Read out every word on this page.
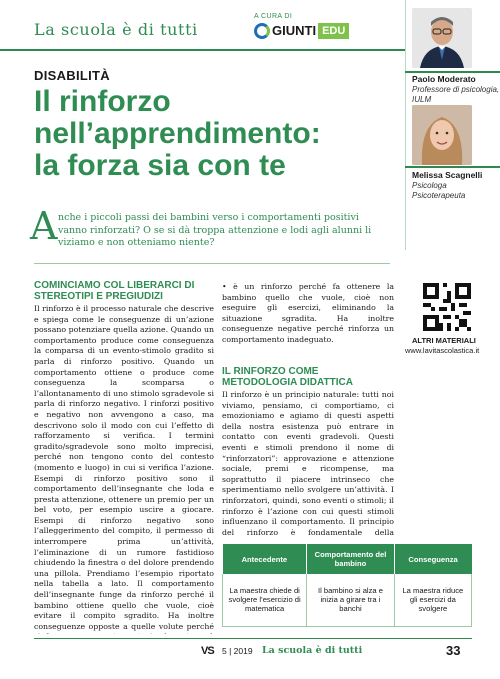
La scuola è di tutti
A CURA DI
GIUNTI EDU
Paolo Moderato
Professore di psicologia, IULM
Melissa Scagnelli
Psicologa Psicoterapeuta
DISABILITÀ
Il rinforzo
nell’apprendimento:
la forza sia con te
A nche i piccoli passi dei bambini verso i comportamenti positivi vanno rinforzati? O se si dà troppa attenzione e lodi agli alunni li viziamo e non otteniamo niente?
COMINCIAMO COL LIBERARCI DI STEREOTIPI E PREGIUDIZI
Il rinforzo è il processo naturale che descrive e spiega come le conseguenze di un’azione possano potenziare quella azione. Quando un comportamento produce come conseguenza la comparsa di un evento-stimolo gradito si parla di rinforzo positivo. Quando un comportamento ottiene o produce come conseguenza la scomparsa o l’allontanamento di uno stimolo sgradevole si parla di rinforzo negativo. I rinforzi positivo e negativo non avvengono a caso, ma descrivono solo il modo con cui l’effetto di rafforzamento si verifica. I termini gradito/sgradevole sono molto imprecisi, perché non tengono conto del contesto (momento e luogo) in cui si verifica l’azione. Esempi di rinforzo positivo sono il comportamento dell’insegnante che loda e presta attenzione, ottenere un premio per un bel voto, per esempio uscire a giocare. Esempi di rinforzo negativo sono l’alleggerimento del compito, il permesso di interrompere prima un’attività, l’eliminazione di un rumore fastidioso chiudendo la finestra o del dolore prendendo una pillola. Prendiamo l’esempio riportato nella tabella a lato. Il comportamento dell’insegnante funge da rinforzo perché il bambino ottiene quello che vuole, cioè evitare il compito sgradito. Ha inoltre conseguenze opposte a quelle volute perché
• è un rinforzo perché fa ottenere la bambino quello che vuole, cioè non eseguire gli esercizi, eliminando la situazione sgradita. Ha inoltre conseguenze negative perché rinforza un comportamento inadeguato.
IL RINFORZO COME METODOLOGIA DIDATTICA
Il rinforzo è un principio naturale: tutti noi viviamo, pensiamo, ci comportiamo, ci emozioniamo e agiamo di questi aspetti della nostra esistenza può entrare in contatto con eventi gradevoli. Questi eventi e stimoli prendono il nome di “rinforzatori”: approvazione e attenzione sociale, premi e ricompense, ma soprattutto il piacere intrinseco che sperimentiamo nello svolgere un’attività. I rinforzatori, quindi, sono eventi o stimoli; il rinforzo è l’azione con cui questi stimoli influenzano il comportamento. Il principio del rinforzo è fondamentale della
ALTRI MATERIALI
www.lavitascolastica.it
Antecedente	Comportamento del bambino	Conseguenza
La maestra chiede di svolgere l’esercizio di matematica	Il bambino si alza e inizia a girare tra i banchi	La maestra riduce gli esercizi da svolgere
VS 5 | 2019 La scuola è di tutti	33
